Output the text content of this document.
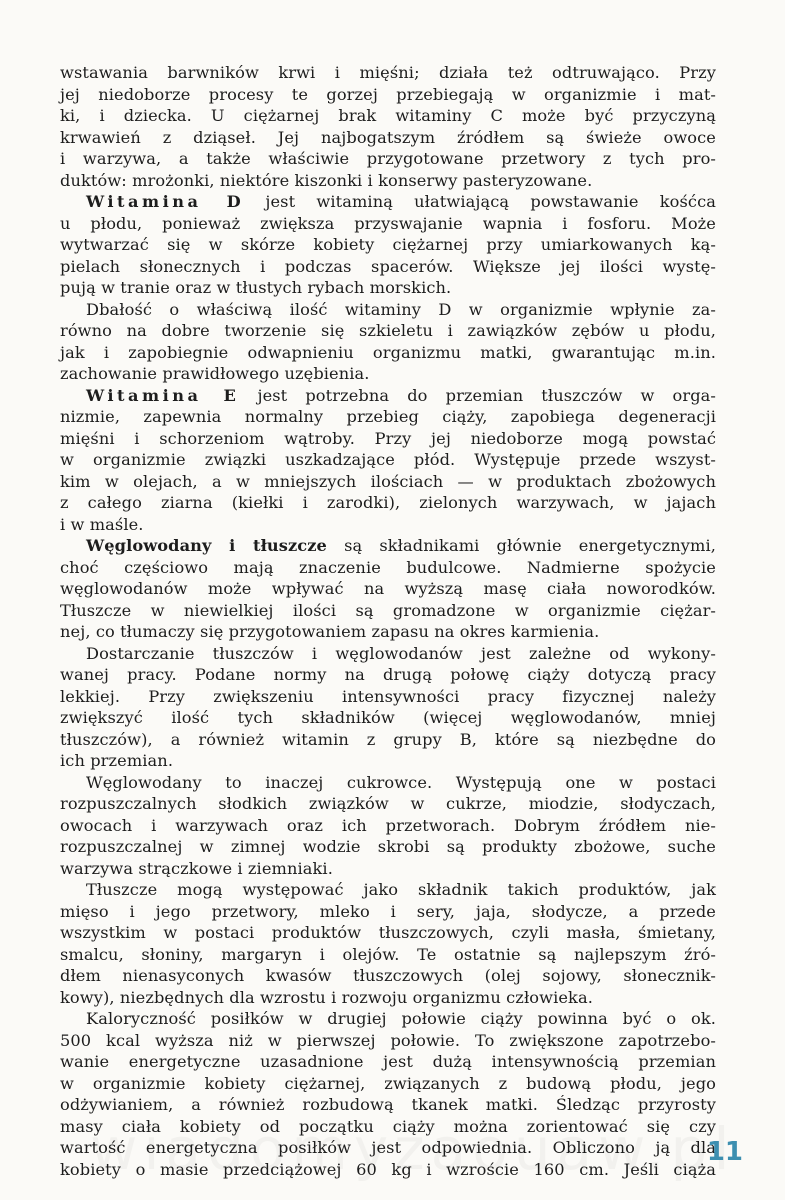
wstawania barwników krwi i mięśni; działa też odtruwająco. Przy
jej niedoborze procesy te gorzej przebiegają w organizmie i mat-
ki, i dziecka. U ciężarnej brak witaminy C może być przyczyną
krwawień z dziąseł. Jej najbogatszym źródłem są świeże owoce
i warzywa, a także właściwie przygotowane przetwory z tych pro-
duktów: mrożonki, niektóre kiszonki i konserwy pasteryzowane.
Witamina D jest witaminą ułatwiającą powstawanie kośćca
u płodu, ponieważ zwiększa przyswajanie wapnia i fosforu. Może
wytwarzać się w skórze kobiety ciężarnej przy umiarkowanych ką-
pielach słonecznych i podczas spacerów. Większe jej ilości wystę-
pują w tranie oraz w tłustych rybach morskich.
Dbałość o właściwą ilość witaminy D w organizmie wpłynie za-
równo na dobre tworzenie się szkieletu i zawiązków zębów u płodu,
jak i zapobiegnie odwapnieniu organizmu matki, gwarantując m.in.
zachowanie prawidłowego uzębienia.
Witamina E jest potrzebna do przemian tłuszczów w orga-
nizmie, zapewnia normalny przebieg ciąży, zapobiega degeneracji
mięśni i schorzeniom wątroby. Przy jej niedoborze mogą powstać
w organizmie związki uszkadzające płód. Występuje przede wszyst-
kim w olejach, a w mniejszych ilościach — w produktach zbożowych
z całego ziarna (kiełki i zarodki), zielonych warzywach, w jajach
i w maśle.
Węglowodany i tłuszcze są składnikami głównie energetycznymi,
choć częściowo mają znaczenie budulcowe. Nadmierne spożycie
węglowodanów może wpływać na wyższą masę ciała noworodków.
Tłuszcze w niewielkiej ilości są gromadzone w organizmie ciężar-
nej, co tłumaczy się przygotowaniem zapasu na okres karmienia.
Dostarczanie tłuszczów i węglowodanów jest zależne od wykony-
wanej pracy. Podane normy na drugą połowę ciąży dotyczą pracy
lekkiej. Przy zwiększeniu intensywności pracy fizycznej należy
zwiększyć ilość tych składników (więcej węglowodanów, mniej
tłuszczów), a również witamin z grupy B, które są niezbędne do
ich przemian.
Węglowodany to inaczej cukrowce. Występują one w postaci
rozpuszczalnych słodkich związków w cukrze, miodzie, słodyczach,
owocach i warzywach oraz ich przetworach. Dobrym źródłem nie-
rozpuszczalnej w zimnej wodzie skrobi są produkty zbożowe, suche
warzywa strączkowe i ziemniaki.
Tłuszcze mogą występować jako składnik takich produktów, jak
mięso i jego przetwory, mleko i sery, jaja, słodycze, a przede
wszystkim w postaci produktów tłuszczowych, czyli masła, śmietany,
smalcu, słoniny, margaryn i olejów. Te ostatnie są najlepszym źró-
dłem nienasyconych kwasów tłuszczowych (olej sojowy, słonecznik-
kowy), niezbędnych dla wzrostu i rozwoju organizmu człowieka.
Kaloryczność posiłków w drugiej połowie ciąży powinna być o ok.
500 kcal wyższa niż w pierwszej połowie. To zwiększone zapotrzebo-
wanie energetyczne uzasadnione jest dużą intensywnością przemian
w organizmie kobiety ciężarnej, związanych z budową płodu, jego
odżywianiem, a również rozbudową tkanek matki. Śledząc przyrosty
masy ciała kobiety od początku ciąży można zorientować się czy
wartość energetyczna posiłków jest odpowiednia. Obliczono ją dla
kobiety o masie przedciążowej 60 kg i wzroście 160 cm. Jeśli ciąża
11
